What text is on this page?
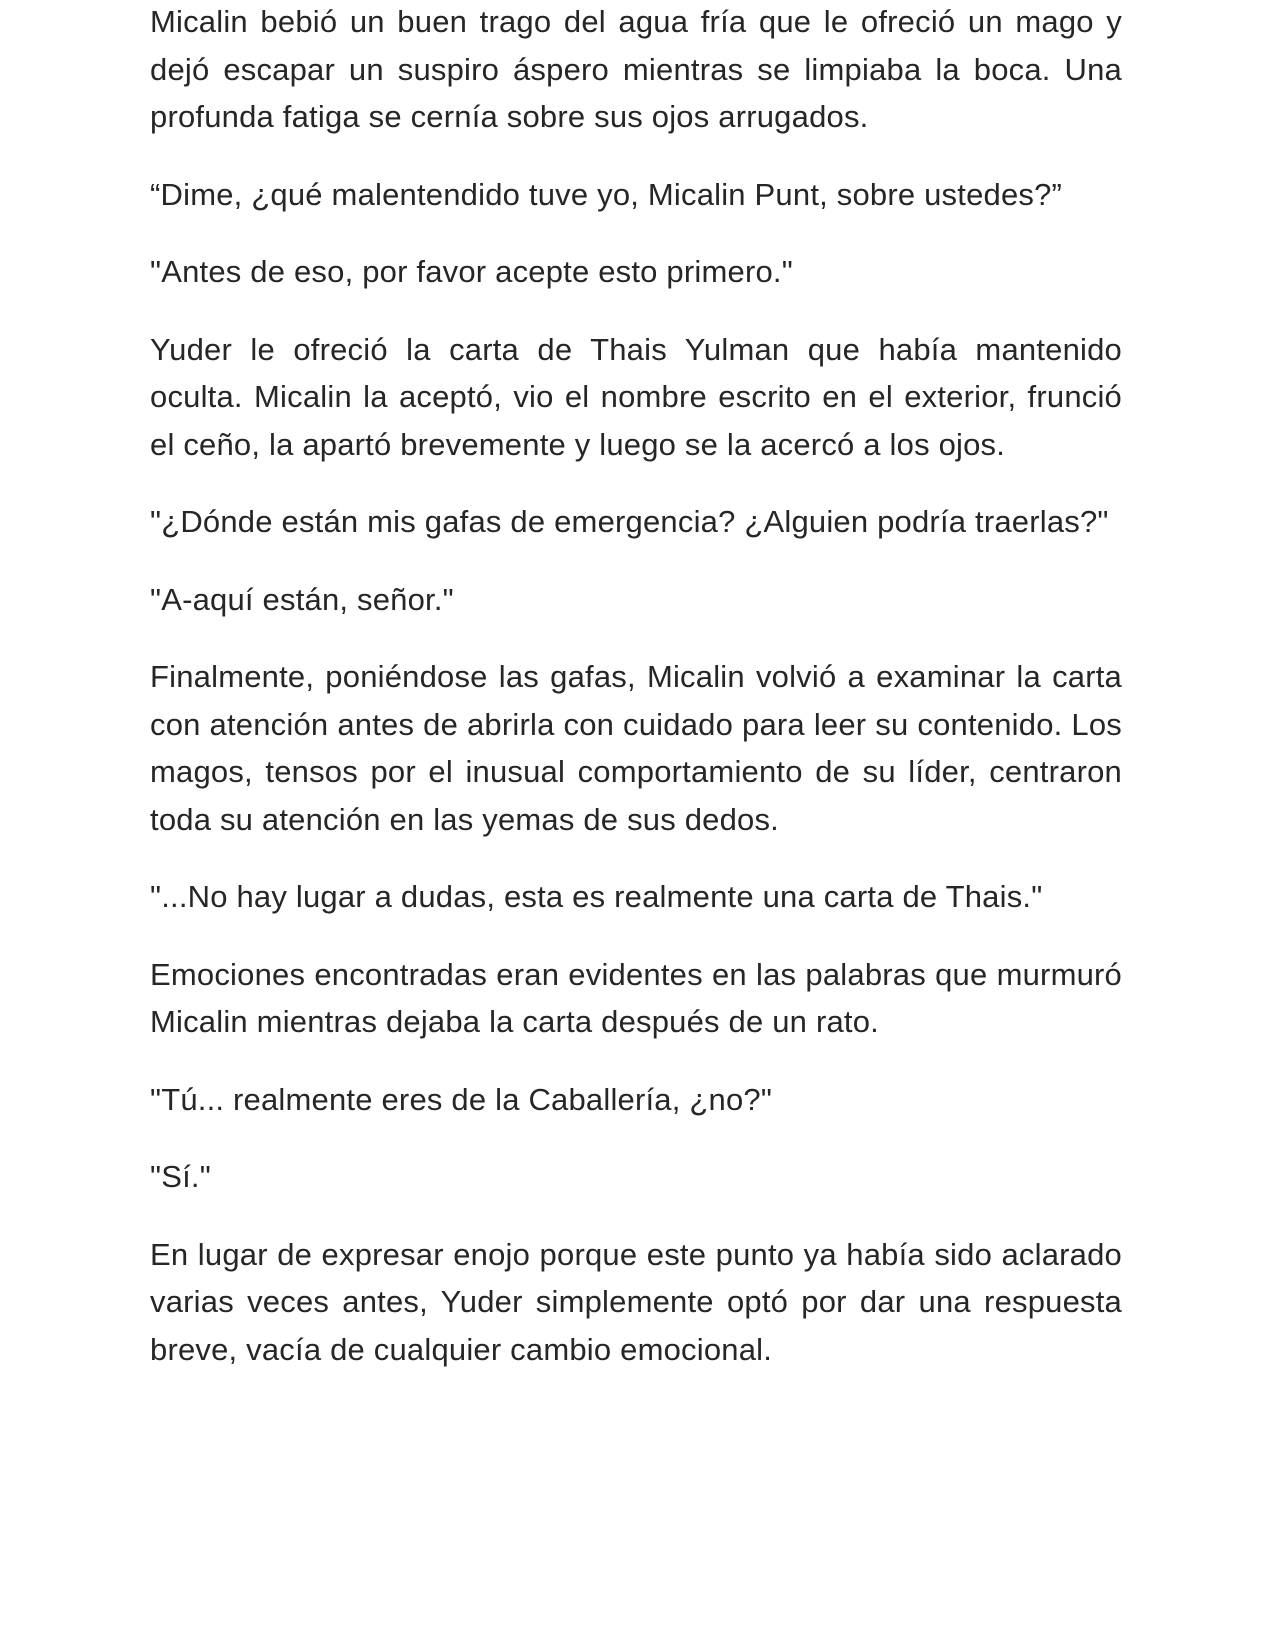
Micalin bebió un buen trago del agua fría que le ofreció un mago y dejó escapar un suspiro áspero mientras se limpiaba la boca. Una profunda fatiga se cernía sobre sus ojos arrugados.

“Dime, ¿qué malentendido tuve yo, Micalin Punt, sobre ustedes?”

"Antes de eso, por favor acepte esto primero."

Yuder le ofreció la carta de Thais Yulman que había mantenido oculta. Micalin la aceptó, vio el nombre escrito en el exterior, frunció el ceño, la apartó brevemente y luego se la acercó a los ojos.

"¿Dónde están mis gafas de emergencia? ¿Alguien podría traerlas?"

"A-aquí están, señor."

Finalmente, poniéndose las gafas, Micalin volvió a examinar la carta con atención antes de abrirla con cuidado para leer su contenido. Los magos, tensos por el inusual comportamiento de su líder, centraron toda su atención en las yemas de sus dedos.

"...No hay lugar a dudas, esta es realmente una carta de Thais."

Emociones encontradas eran evidentes en las palabras que murmuró Micalin mientras dejaba la carta después de un rato.

"Tú... realmente eres de la Caballería, ¿no?"

"Sí."

En lugar de expresar enojo porque este punto ya había sido aclarado varias veces antes, Yuder simplemente optó por dar una respuesta breve, vacía de cualquier cambio emocional.
